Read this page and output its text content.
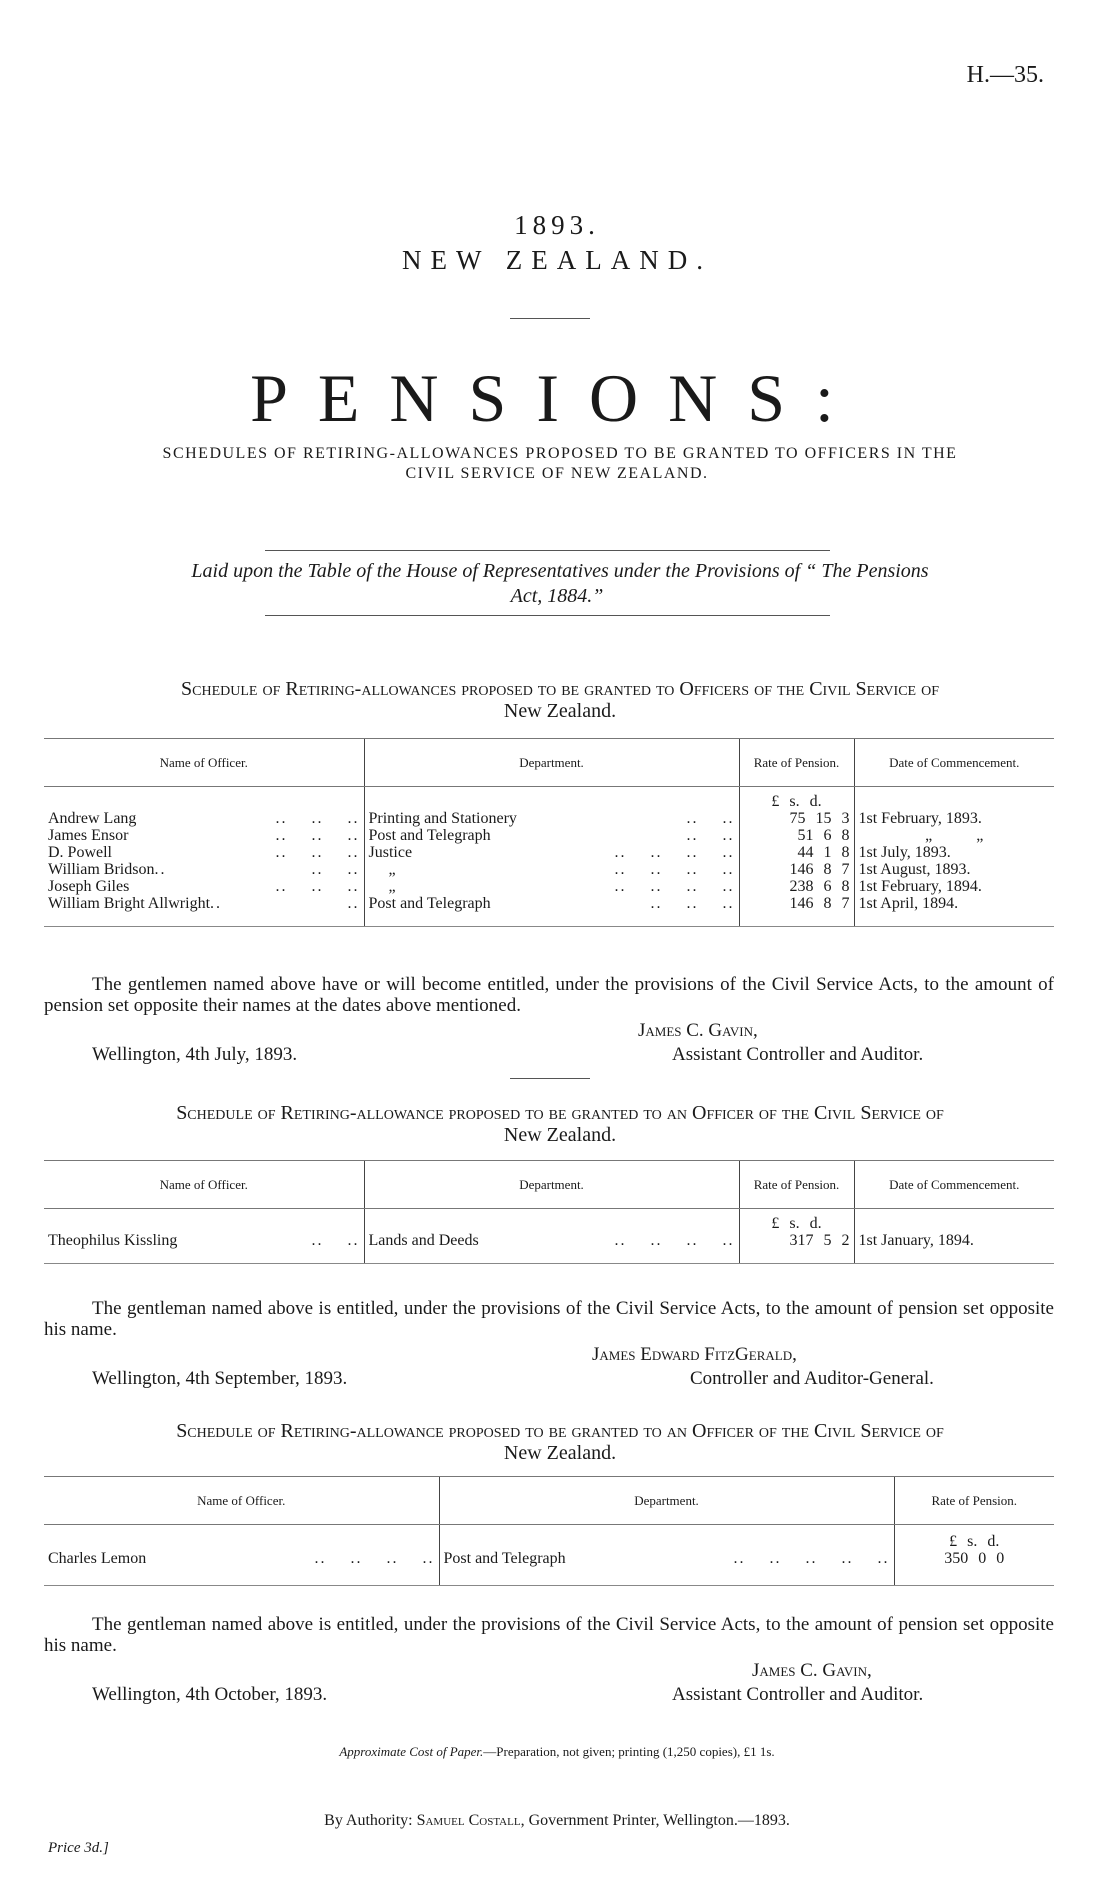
H.—35.
1893.
NEW ZEALAND.
PENSIONS:
SCHEDULES OF RETIRING-ALLOWANCES PROPOSED TO BE GRANTED TO OFFICERS IN THE
CIVIL SERVICE OF NEW ZEALAND.
Laid upon the Table of the House of Representatives under the Provisions of “ The Pensions
Act, 1884.”
Schedule of Retiring-allowances proposed to be granted to Officers of the Civil Service of
New Zealand.
Name of Officer.	Department.	Rate of Pension.	Date of Commencement.
		£ s. d.	
Andrew Lang ..    ..    ..	Printing and Stationery ..    ..	75 15 3	1st February, 1893.
James Ensor ..    ..    ..	Post and Telegraph ..    ..	51 6 8	„ „
D. Powell ..    ..    ..	Justice ..    ..    ..    ..	44 1 8	1st July, 1893.
William Bridson.. ..    ..	„ ..    ..    ..    ..	146 8 7	1st August, 1893.
Joseph Giles ..    ..    ..	„ ..    ..    ..    ..	238 6 8	1st February, 1894.
William Bright Allwright.. ..	Post and Telegraph ..    ..    ..	146 8 7	1st April, 1894.
The gentlemen named above have or will become entitled, under the provisions of the Civil Service Acts, to the amount of pension set opposite their names at the dates above mentioned.
James C. Gavin,
Wellington, 4th July, 1893.	Assistant Controller and Auditor.
Schedule of Retiring-allowance proposed to be granted to an Officer of the Civil Service of
New Zealand.
Name of Officer.	Department.	Rate of Pension.	Date of Commencement.
		£ s. d.	
Theophilus Kissling ..    ..	Lands and Deeds ..    ..    ..    ..	317 5 2	1st January, 1894.
The gentleman named above is entitled, under the provisions of the Civil Service Acts, to the amount of pension set opposite his name.
James Edward FitzGerald,
Wellington, 4th September, 1893.	Controller and Auditor-General.
Schedule of Retiring-allowance proposed to be granted to an Officer of the Civil Service of
New Zealand.
Name of Officer.	Department.	Rate of Pension.
		£ s. d.
Charles Lemon ..    ..    ..    ..	Post and Telegraph ..    ..    ..    ..    ..	350 0 0
The gentleman named above is entitled, under the provisions of the Civil Service Acts, to the amount of pension set opposite his name.
James C. Gavin,
Wellington, 4th October, 1893.	Assistant Controller and Auditor.
Approximate Cost of Paper.—Preparation, not given; printing (1,250 copies), £1 1s.
By Authority: Samuel Costall, Government Printer, Wellington.—1893.
Price 3d.]
